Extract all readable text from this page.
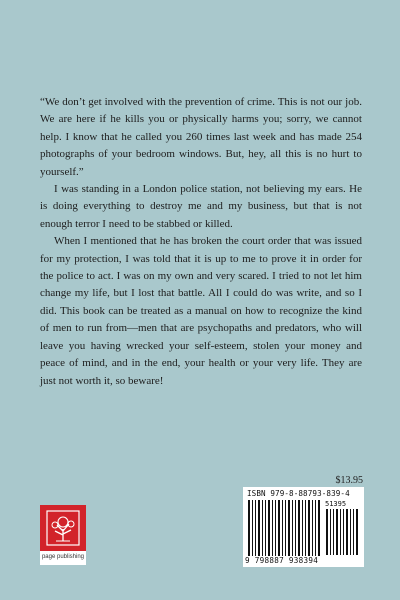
“We don’t get involved with the prevention of crime. This is not our job. We are here if he kills you or physically harms you; sorry, we cannot help. I know that he called you 260 times last week and has made 254 photographs of your bedroom windows. But, hey, all this is no hurt to yourself.”

I was standing in a London police station, not believing my ears. He is doing everything to destroy me and my business, but that is not enough terror I need to be stabbed or killed.

When I mentioned that he has broken the court order that was issued for my protection, I was told that it is up to me to prove it in order for the police to act. I was on my own and very scared. I tried to not let him change my life, but I lost that battle. All I could do was write, and so I did. This book can be treated as a manual on how to recognize the kind of men to run from—men that are psychopaths and predators, who will leave you having wrecked your self-esteem, stolen your money and peace of mind, and in the end, your health or your very life. They are just not worth it, so beware!

page publishing
$13.95
ISBN 979-8-88793-839-4
51395
9 798887 938394
